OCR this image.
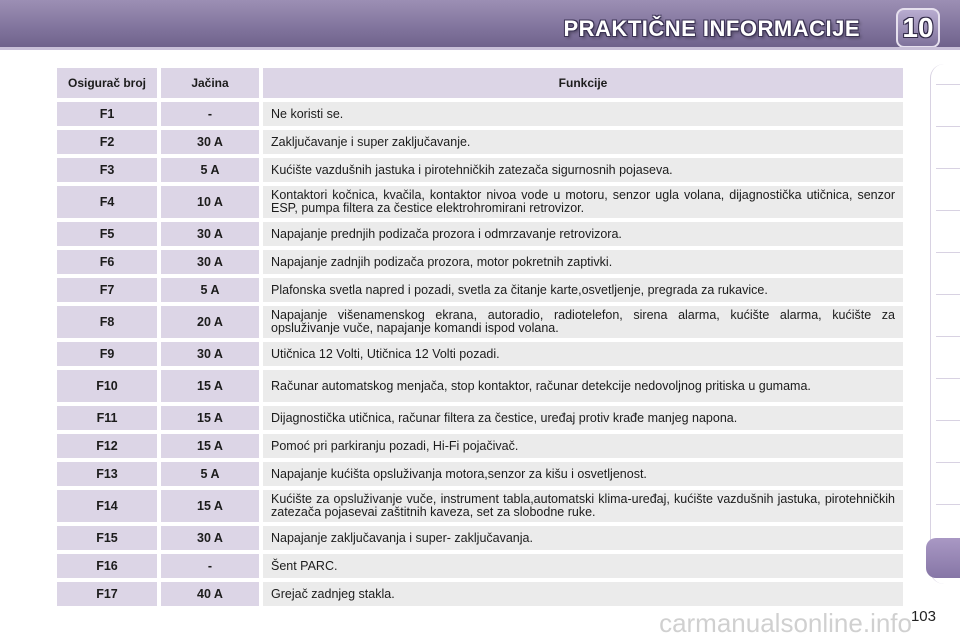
PRAKTIČNE INFORMACIJE 10
Osigurač broj	Jačina	Funkcije
F1	-	Ne koristi se.
F2	30 A	Zaključavanje i super zaključavanje.
F3	5 A	Kućište vazdušnih jastuka i pirotehničkih zatezača sigurnosnih pojaseva.
F4	10 A	Kontaktori kočnica, kvačila, kontaktor nivoa vode u motoru, senzor ugla volana, dijagnostička utičnica, senzor ESP, pumpa filtera za čestice elektrohromirani retrovizor.
F5	30 A	Napajanje prednjih podizača prozora i odmrzavanje retrovizora.
F6	30 A	Napajanje zadnjih podizača prozora, motor pokretnih zaptivki.
F7	5 A	Plafonska svetla napred i pozadi, svetla za čitanje karte,osvetljenje, pregrada za rukavice.
F8	20 A	Napajanje višenamenskog ekrana, autoradio, radiotelefon, sirena alarma, kućište alarma, kućište za opsluživanje vuče, napajanje komandi ispod volana.
F9	30 A	Utičnica 12 Volti, Utičnica 12 Volti pozadi.
F10	15 A	Računar automatskog menjača, stop kontaktor, računar detekcije nedovoljnog pritiska u gumama.
F11	15 A	Dijagnostička utičnica, računar filtera za čestice, uređaj protiv krađe manjeg napona.
F12	15 A	Pomoć pri parkiranju pozadi, Hi-Fi pojačivač.
F13	5 A	Napajanje kućišta opsluživanja motora,senzor za kišu i osvetljenost.
F14	15 A	Kućište za opsluživanje vuče, instrument tabla,automatski klima-uređaj, kućište vazdušnih jastuka, pirotehničkih zatezača pojasevai zaštitnih kaveza, set za slobodne ruke.
F15	30 A	Napajanje zaključavanja i super- zaključavanja.
F16	-	Šent PARC.
F17	40 A	Grejač zadnjeg stakla.
carmanualsonline.info
103
